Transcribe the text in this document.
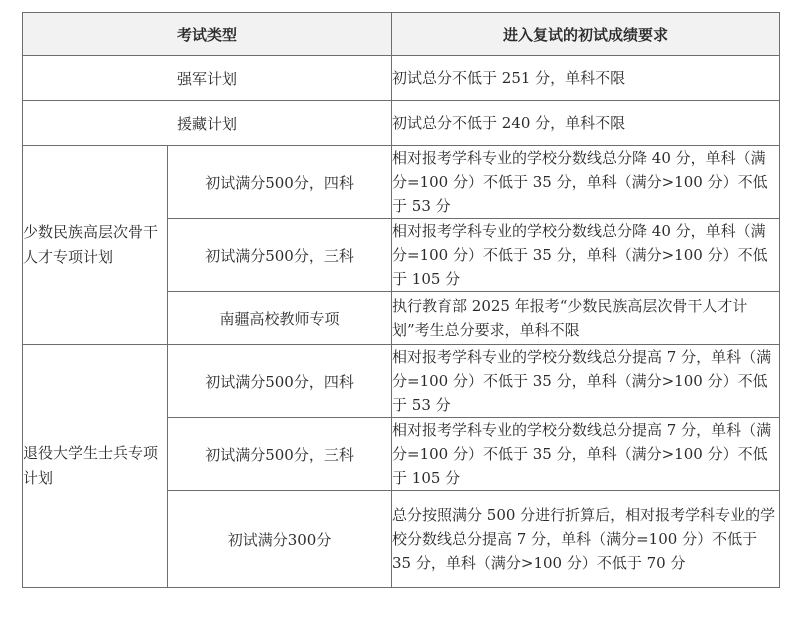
考试类型		进入复试的初试成绩要求
强军计划		初试总分不低于 251 分，单科不限
援藏计划		初试总分不低于 240 分，单科不限
少数民族高层次骨干人才专项计划	初试满分500分，四科	相对报考学科专业的学校分数线总分降 40 分，单科（满分=100 分）不低于 35 分，单科（满分>100 分）不低于 53 分
	初试满分500分，三科	相对报考学科专业的学校分数线总分降 40 分，单科（满分=100 分）不低于 35 分，单科（满分>100 分）不低于 105 分
	南疆高校教师专项	执行教育部 2025 年报考“少数民族高层次骨干人才计划”考生总分要求，单科不限
退役大学生士兵专项计划	初试满分500分，四科	相对报考学科专业的学校分数线总分提高 7 分，单科（满分=100 分）不低于 35 分，单科（满分>100 分）不低于 53 分
	初试满分500分，三科	相对报考学科专业的学校分数线总分提高 7 分，单科（满分=100 分）不低于 35 分，单科（满分>100 分）不低于 105 分
	初试满分300分	总分按照满分 500 分进行折算后，相对报考学科专业的学校分数线总分提高 7 分，单科（满分=100 分）不低于 35 分，单科（满分>100 分）不低于 70 分
